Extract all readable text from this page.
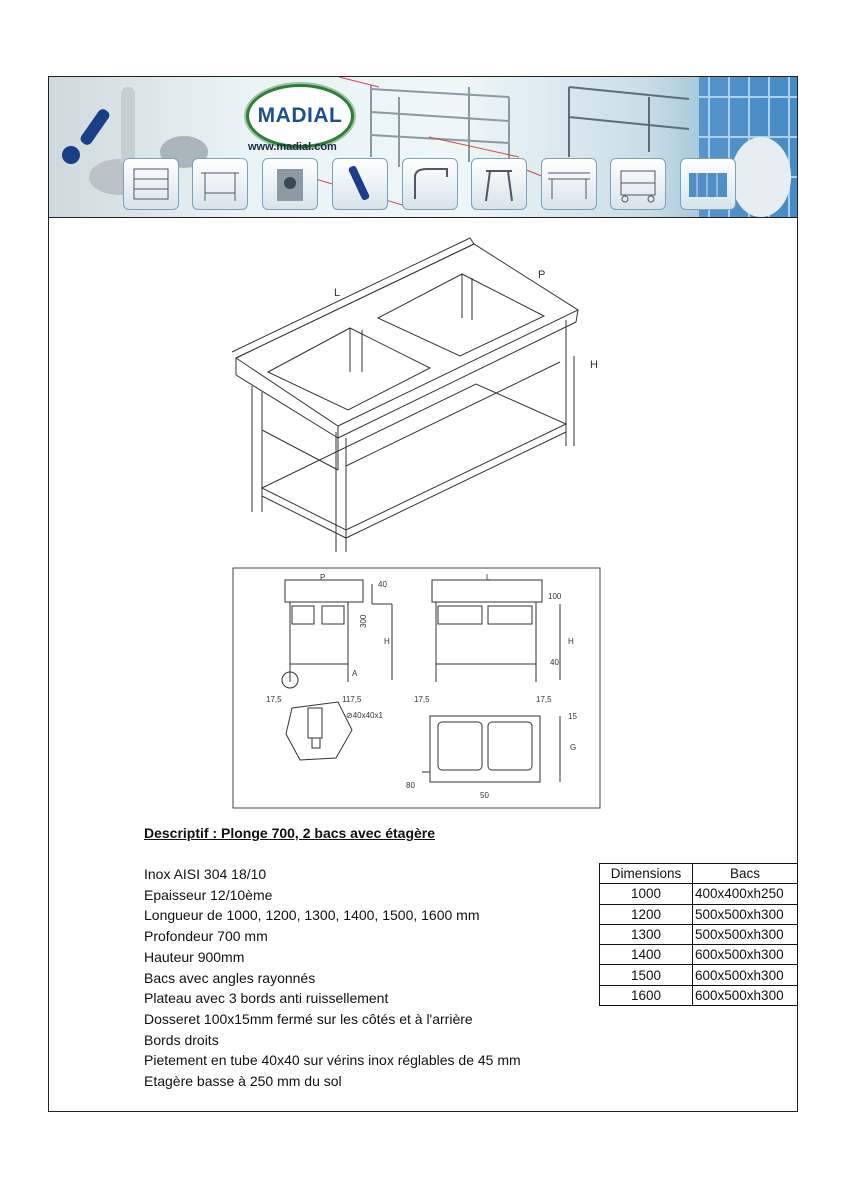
MADIAL
www.madial.com
L
P
H
P	L
40
300
H
A
17,5	117,5	17,5	17,5
100
H
40
⊘40x40x1	15
G
80
50
Descriptif : Plonge 700, 2 bacs avec étagère
Inox AISI 304 18/10
Epaisseur 12/10ème
Longueur de 1000, 1200, 1300, 1400, 1500, 1600 mm
Profondeur 700 mm
Hauteur 900mm
Bacs avec angles rayonnés
Plateau avec 3 bords anti ruissellement
Dosseret 100x15mm fermé sur les côtés et à l'arrière
Bords droits
Pietement en tube 40x40 sur vérins inox réglables de 45 mm
Etagère basse à 250 mm du sol
Dimensions	Bacs
1000	400x400xh250
1200	500x500xh300
1300	500x500xh300
1400	600x500xh300
1500	600x500xh300
1600	600x500xh300
